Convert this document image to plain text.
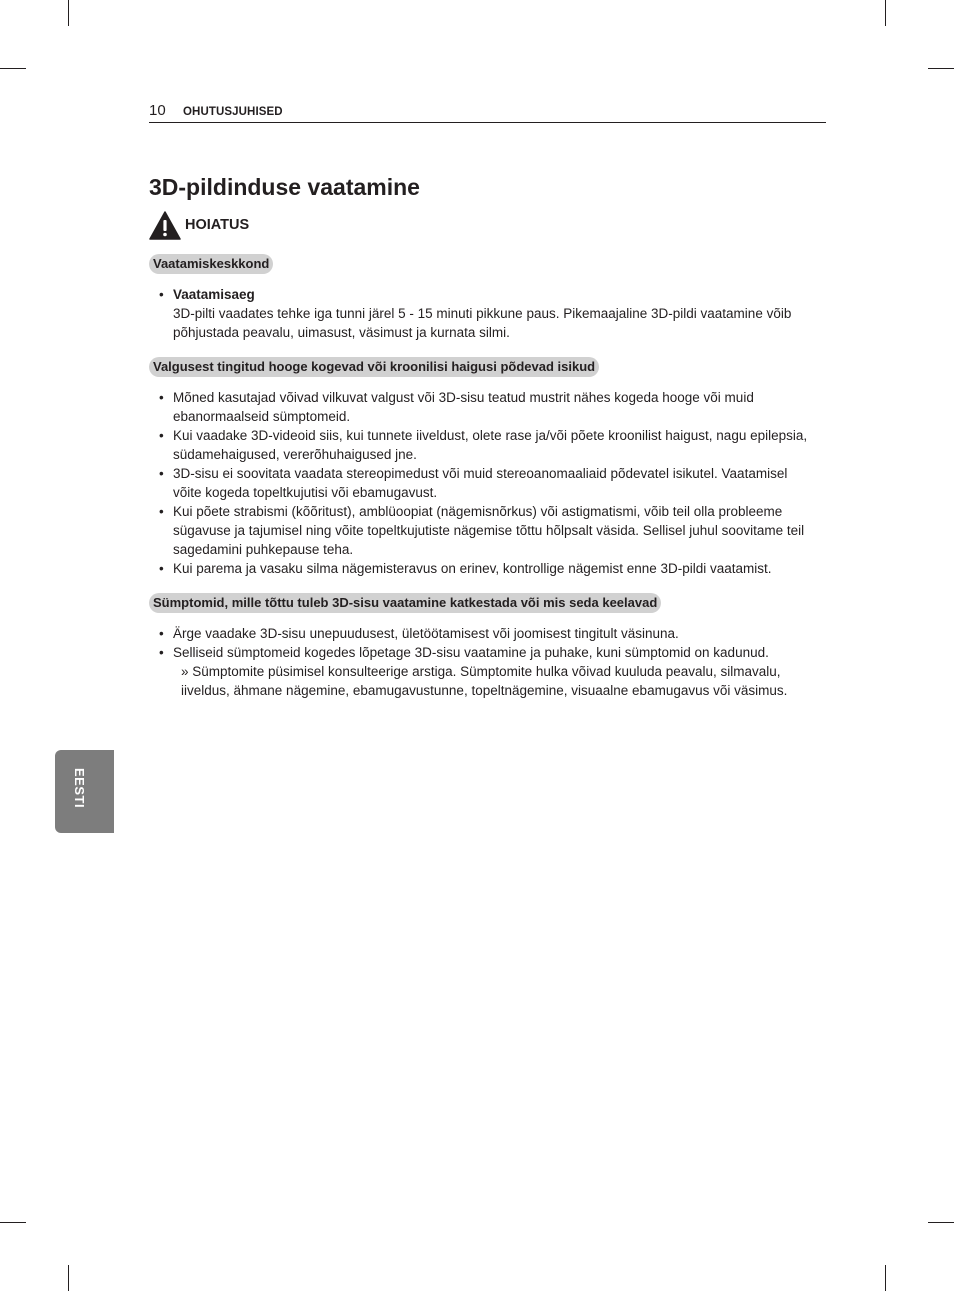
10 OHUTUSJUHISED
3D-pildinduse vaatamine
HOIATUS
Vaatamiskeskkond
• Vaatamisaeg
3D-pilti vaadates tehke iga tunni järel 5 - 15 minuti pikkune paus. Pikemaajaline 3D-pildi vaatamine võib põhjustada peavalu, uimasust, väsimust ja kurnata silmi.
Valgusest tingitud hooge kogevad või kroonilisi haigusi põdevad isikud
• Mõned kasutajad võivad vilkuvat valgust või 3D-sisu teatud mustrit nähes kogeda hooge või muid ebanormaalseid sümptomeid.
• Kui vaadake 3D-videoid siis, kui tunnete iiveldust, olete rase ja/või põete kroonilist haigust, nagu epilepsia, südamehaigused, vererõhuhaigused jne.
• 3D-sisu ei soovitata vaadata stereopimedust või muid stereoanomaaliaid põdevatel isikutel. Vaatamisel võite kogeda topeltkujutisi või ebamugavust.
• Kui põete strabismi (kõõritust), amblüoopiat (nägemisnõrkus) või astigmatismi, võib teil olla probleeme sügavuse ja tajumisel ning võite topeltkujutiste nägemise tõttu hõlpsalt väsida. Sellisel juhul soovitame teil sagedamini puhkepause teha.
• Kui parema ja vasaku silma nägemisteravus on erinev, kontrollige nägemist enne 3D-pildi vaatamist.
Sümptomid, mille tõttu tuleb 3D-sisu vaatamine katkestada või mis seda keelavad
• Ärge vaadake 3D-sisu unepuudusest, ületöötamisest või joomisest tingitult väsinuna.
• Selliseid sümptomeid kogedes lõpetage 3D-sisu vaatamine ja puhake, kuni sümptomid on kadunud.
» Sümptomite püsimisel konsulteerige arstiga. Sümptomite hulka võivad kuuluda peavalu, silmavalu, iiveldus, ähmane nägemine, ebamugavustunne, topeltnägemine, visuaalne ebamugavus või väsimus.
EESTI
